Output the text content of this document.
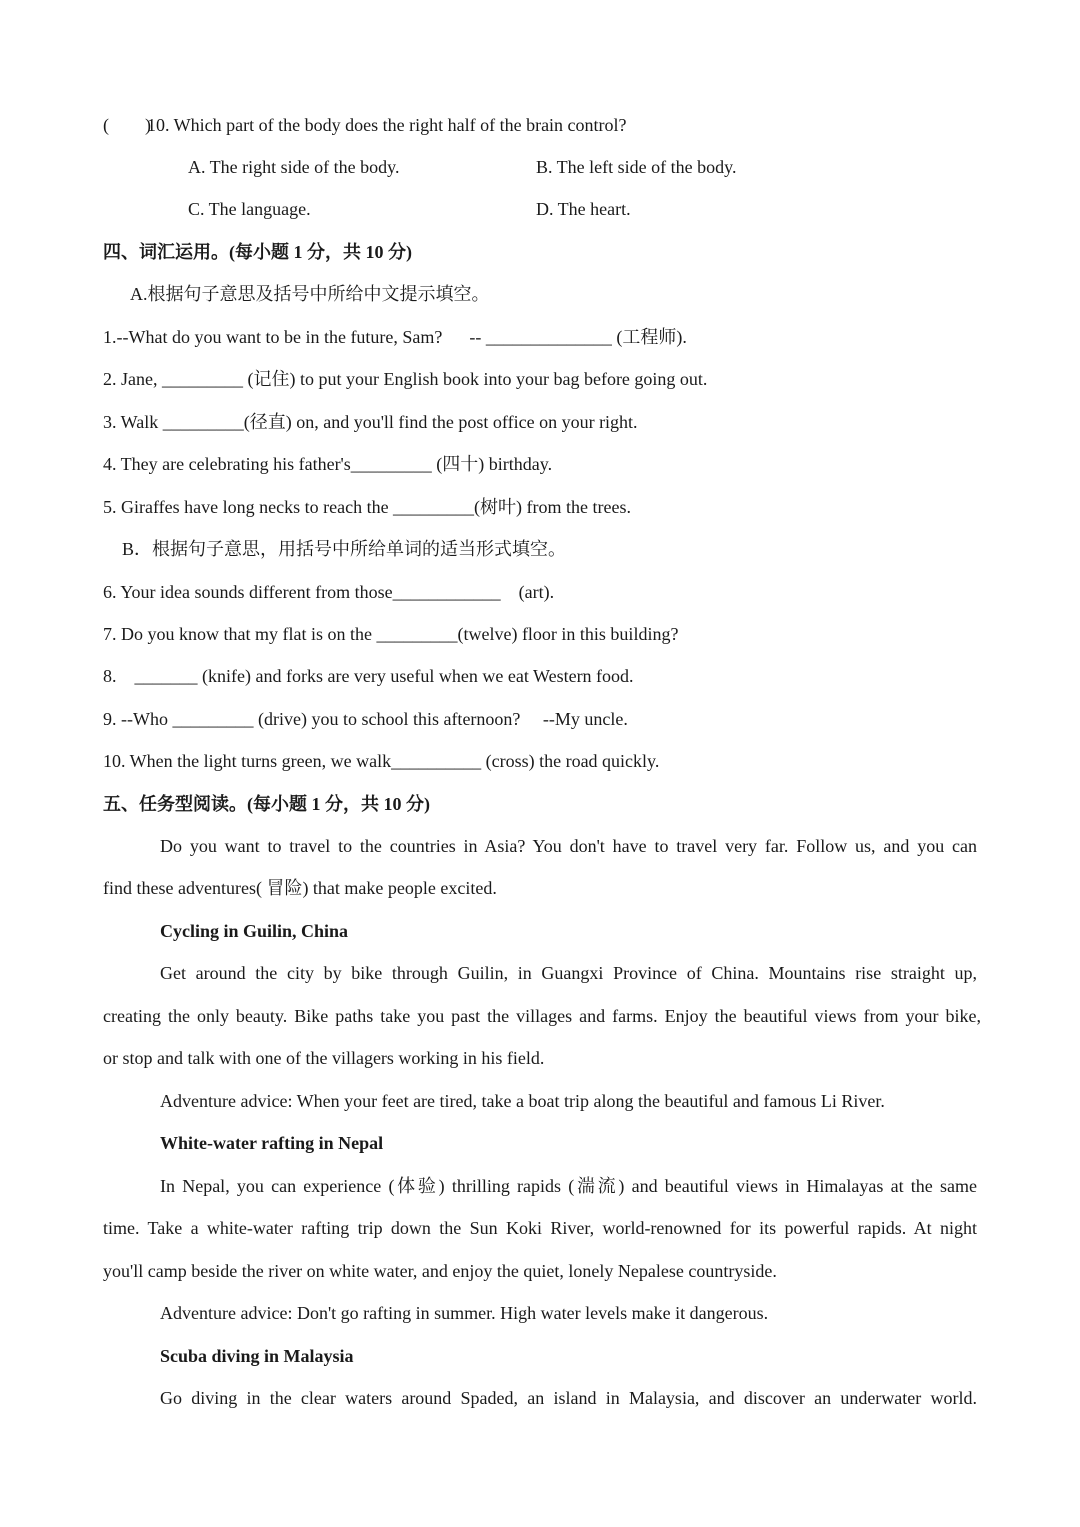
(        )
10. Which part of the body does the right half of the brain control?
A. The right side of the body.	B. The left side of the body.
C. The language.	D. The heart.
四、词汇运用。(每小题 1 分，共 10 分)
A.根据句子意思及括号中所给中文提示填空。
1.--What do you want to be in the future, Sam?      -- ______________ (工程师).
2. Jane, _________ (记住) to put your English book into your bag before going out.
3. Walk _________(径直) on, and you'll find the post office on your right.
4. They are celebrating his father's_________ (四十) birthday.
5. Giraffes have long necks to reach the _________(树叶) from the trees.
B．根据句子意思，用括号中所给单词的适当形式填空。
6. Your idea sounds different from those____________    (art).
7. Do you know that my flat is on the _________(twelve) floor in this building?
8.    _______ (knife) and forks are very useful when we eat Western food.
9. --Who _________ (drive) you to school this afternoon?     --My uncle.
10. When the light turns green, we walk__________ (cross) the road quickly.
五、任务型阅读。(每小题 1 分，共 10 分)
Do you want to travel to the countries in Asia? You don't have to travel very far. Follow us, and you can
find these adventures( 冒险) that make people excited.
Cycling in Guilin, China
Get around the city by bike through Guilin, in Guangxi Province of China. Mountains rise straight up,
creating the only beauty. Bike paths take you past the villages and farms. Enjoy the beautiful views from your bike,
or stop and talk with one of the villagers working in his field.
Adventure advice: When your feet are tired, take a boat trip along the beautiful and famous Li River.
White-water rafting in Nepal
In Nepal, you can experience (体验) thrilling rapids (湍流) and beautiful views in Himalayas at the same
time. Take a white-water rafting trip down the Sun Koki River, world-renowned for its powerful rapids. At night
you'll camp beside the river on white water, and enjoy the quiet, lonely Nepalese countryside.
Adventure advice: Don't go rafting in summer. High water levels make it dangerous.
Scuba diving in Malaysia
Go diving in the clear waters around Spaded, an island in Malaysia, and discover an underwater world.
